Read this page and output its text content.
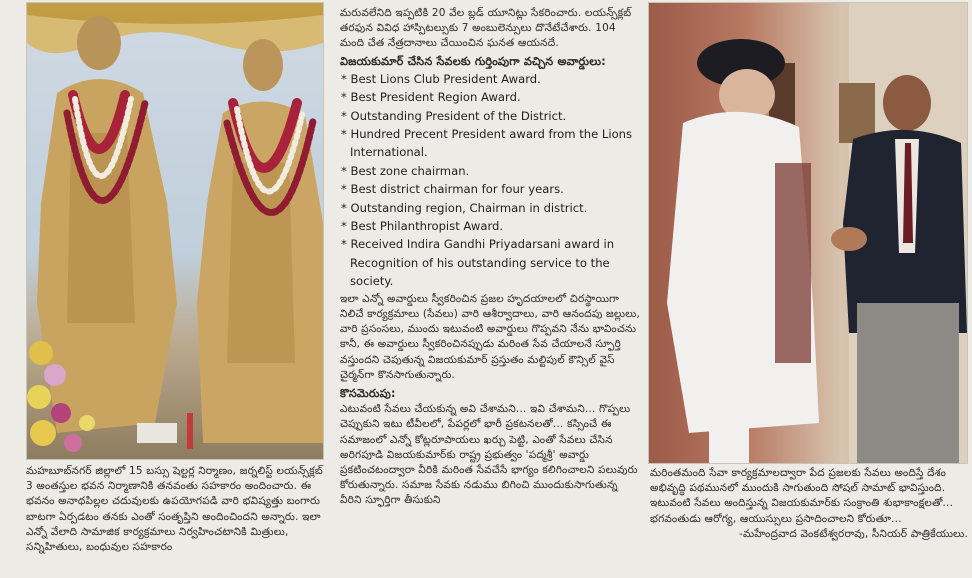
మరువలేనిది ఇప్పటికి 20 వేల బ్లడ్ యూనిట్లు సేకరించారు. లయన్స్‌క్లబ్ తరఫున వివిధ హాస్పిటల్సుకు 7 అంబులెన్సులు దొనేటేచేశారు. 104 మంది చేత నేత్రదానాలు చేయించిన ఘనత ఆయనదే.

విజయకుమార్ చేసిన సేవలకు గుర్తింపుగా వచ్చిన అవార్డులు:

* Best Lions Club President Award.
* Best President Region Award.
* Outstanding President of the District.
* Hundred Precent President award from the Lions International.
* Best zone chairman.
* Best district chairman for four years.
* Outstanding region, Chairman in district.
* Best Philanthropist Award.
* Received Indira Gandhi Priyadarsani award in Recognition of his outstanding service to the society.

ఇలా ఎన్నో అవార్డులు స్వీకరించిన ప్రజల హృదయాలలో చిరస్థాయిగా నిలిచే కార్యక్రమాలు (సేవలు) వారి ఆశీర్వాదాలు, వారి ఆనందపు జల్లులు, వారి ప్రసంసలు, ముందు ఇటువంటి అవార్డులు గొప్పవని నేను భావించను కానీ, ఈ అవార్డులు స్వీకరించినప్పుడు మరింత సేవ చేయాలనే స్ఫూర్తి వస్తుందని చెపుతున్న విజయకుమార్ ప్రస్తుతం మల్టిపుల్ కౌన్సిల్ వైస్ చైర్మన్‌గా కొనసాగుతున్నారు.

కొసమెరుపు:

ఎటువంటి సేవలు చేయకున్న అవి చేశామని... ఇవి చేశామని... గొప్పలు చెప్పుకుని ఇటు టీవీలలో, పేపర్లలో భారీ ప్రకటనలతో... కస్సించే ఈ సమాజంలో ఎన్నో కోట్లరూపాయలు ఖర్చు పెట్టి, ఎంతో సేవలు చేసిన అరిగపూడి విజయకుమార్‌కు రాష్ట్ర ప్రభుత్వం 'పద్మశ్రీ' అవార్డు ప్రకటించటంద్వారా వీరికి మరింత సేవచేసే భాగ్యం కలిగించాలని పలువురు కోరుతున్నారు. సమాజ సేవకు నడుము బిగించి ముందుకుసాగుతున్న వీరిని స్ఫూర్తిగా తీసుకుని

మహబూబ్‌నగర్ జిల్లాలో 15 బస్సు షెల్టర్ల నిర్మాణం, జర్నలిస్ట్ లయన్స్‌క్లబ్ 3 అంతస్తుల భవన నిర్మాణానికి తనవంతు సహకారం అందించారు. ఈ భవనం అనాథపిల్లల చదువులకు ఉపయోగపడి వారి భవిష్యత్తు బంగారు బాటగా ఏర్పడటం తనకు ఎంతో సంతృప్తిని అందించిందని అన్నారు. ఇలా ఎన్నో వేలాది సామాజిక కార్యక్రమాలు నిర్వహించటానికి మిత్రులు, సన్నిహితులు, బంధువుల సహకారం

మరింతమంది సేవా కార్యక్రమాలద్వారా పేద ప్రజలకు సేవలు అందిస్తే దేశం అభివృద్ధి పథమునలో ముందుకి సాగుతుంది సోషల్ సామాట్ భావిస్తుంది. ఇటువంటి సేవలు అందిస్తున్న విజయకుమార్‌కు సంక్రాంతి శుభాకాంక్షలతో... భగవంతుడు ఆరోగ్య, ఆయుస్సులు ప్రసాదించాలని కోరుతూ...

-మహేంద్రవాద వెంకటేశ్వరరావు, సీనియర్ పాత్రికేయులు.
